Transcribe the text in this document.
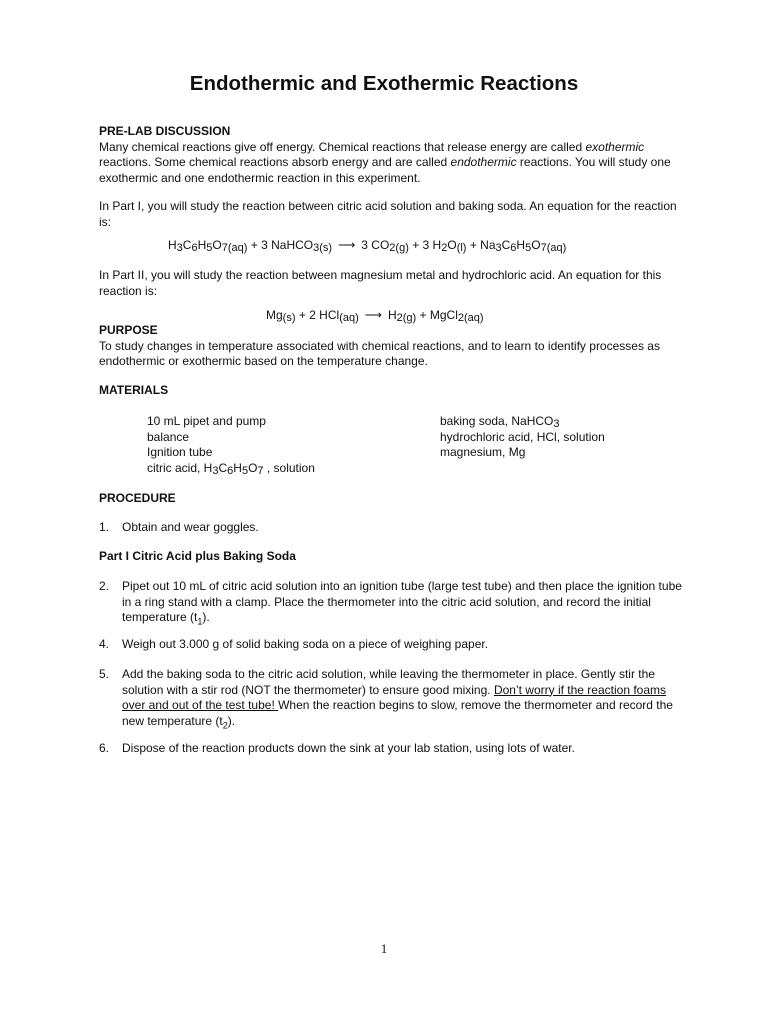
Endothermic and Exothermic Reactions
PRE-LAB DISCUSSION
Many chemical reactions give off energy. Chemical reactions that release energy are called exothermic reactions. Some chemical reactions absorb energy and are called endothermic reactions. You will study one exothermic and one endothermic reaction in this experiment.
In Part I, you will study the reaction between citric acid solution and baking soda. An equation for the reaction is:
$H_3C_6H_5O_{7(aq)} + 3$ NaHCO$_{3(s)}$ ⟶ 3 $CO_{2(g)} + 3$ $H_2O_{(l)} + Na_3C_6H_5O_{7(aq)}$
In Part II, you will study the reaction between magnesium metal and hydrochloric acid. An equation for this reaction is:
$Mg_{(s)} + 2$ HCl$_{(aq)}$ ⟶ $H_{2(g)}$ + MgCl$_{2(aq)}$
PURPOSE
To study changes in temperature associated with chemical reactions, and to learn to identify processes as endothermic or exothermic based on the temperature change.
MATERIALS
10 mL pipet and pump
balance
Ignition tube
citric acid, $H_3C_6H_5O_7$ , solution
baking soda, NaHCO$_3$
hydrochloric acid, HCl, solution
magnesium, Mg
PROCEDURE
1. Obtain and wear goggles.
Part I Citric Acid plus Baking Soda
2. Pipet out 10 mL of citric acid solution into an ignition tube (large test tube) and then place the ignition tube in a ring stand with a clamp. Place the thermometer into the citric acid solution, and record the initial temperature $(t_1)$.
4. Weigh out 3.000 g of solid baking soda on a piece of weighing paper.
5. Add the baking soda to the citric acid solution, while leaving the thermometer in place. Gently stir the solution with a stir rod (NOT the thermometer) to ensure good mixing. Don’t worry if the reaction foams over and out of the test tube! When the reaction begins to slow, remove the thermometer and record the new temperature $(t_2)$.
6. Dispose of the reaction products down the sink at your lab station, using lots of water.
1
